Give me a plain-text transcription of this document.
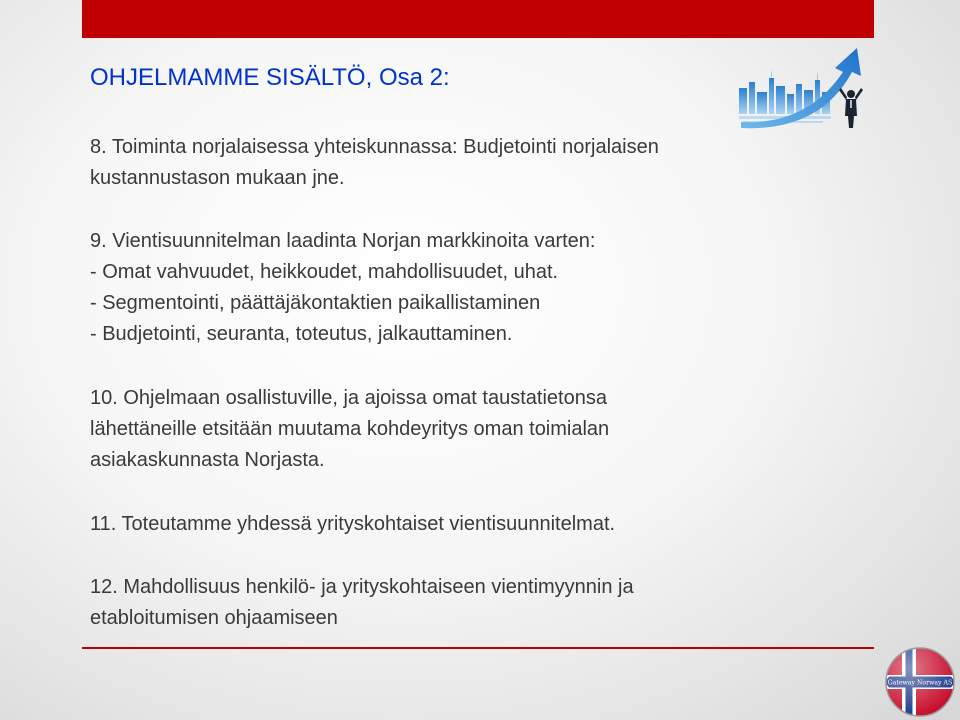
OHJELMAMME SISÄLTÖ, Osa 2:

8. Toiminta norjalaisessa yhteiskunnassa: Budjetointi norjalaisen
kustannustason mukaan jne.

9. Vientisuunnitelman laadinta Norjan markkinoita varten:
- Omat vahvuudet, heikkoudet, mahdollisuudet, uhat.
- Segmentointi, päättäjäkontaktien paikallistaminen
- Budjetointi, seuranta, toteutus, jalkauttaminen.

10. Ohjelmaan osallistuville, ja ajoissa omat taustatietonsa
lähettäneille etsitään muutama kohdeyritys oman toimialan
asiakaskunnasta Norjasta.

11. Toteutamme yhdessä yrityskohtaiset vientisuunnitelmat.

12. Mahdollisuus henkilö- ja yrityskohtaiseen vientimyynnin ja
etabloitumisen ohjaamiseen
